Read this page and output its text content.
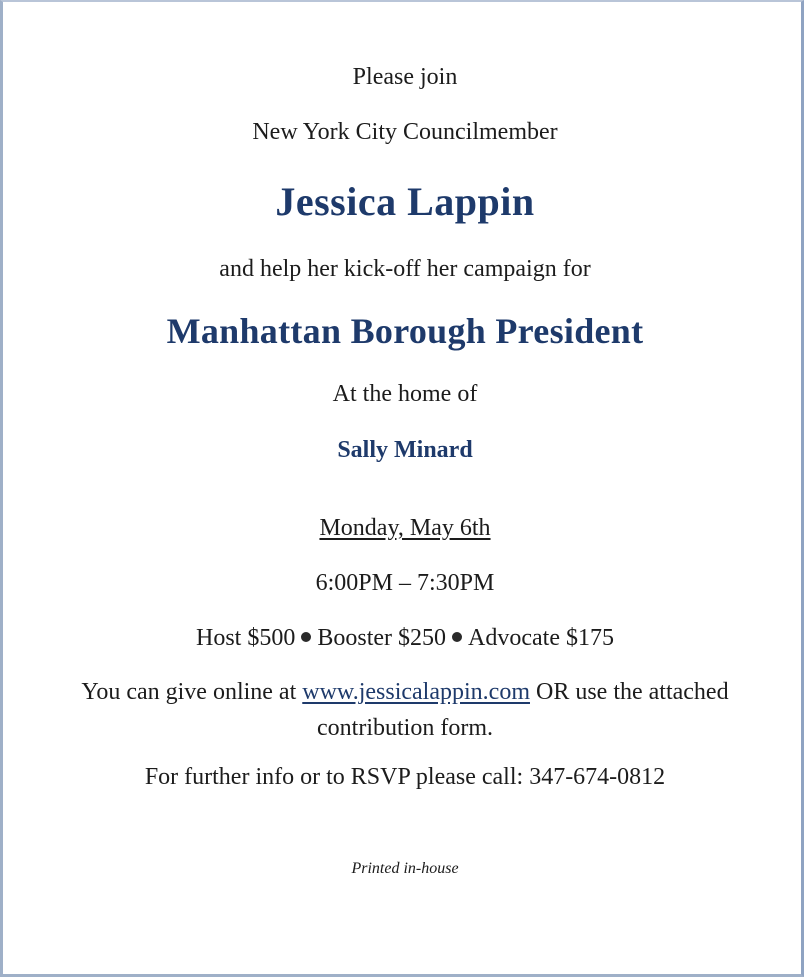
Please join

New York City Councilmember

Jessica Lappin

and help her kick-off her campaign for

Manhattan Borough President

At the home of

Sally Minard

Monday, May 6th

6:00PM – 7:30PM

Host $500 Booster $250 Advocate $175

You can give online at www.jessicalappin.com OR use the attached

contribution form.

For further info or to RSVP please call: 347-674-0812

Printed in-house
